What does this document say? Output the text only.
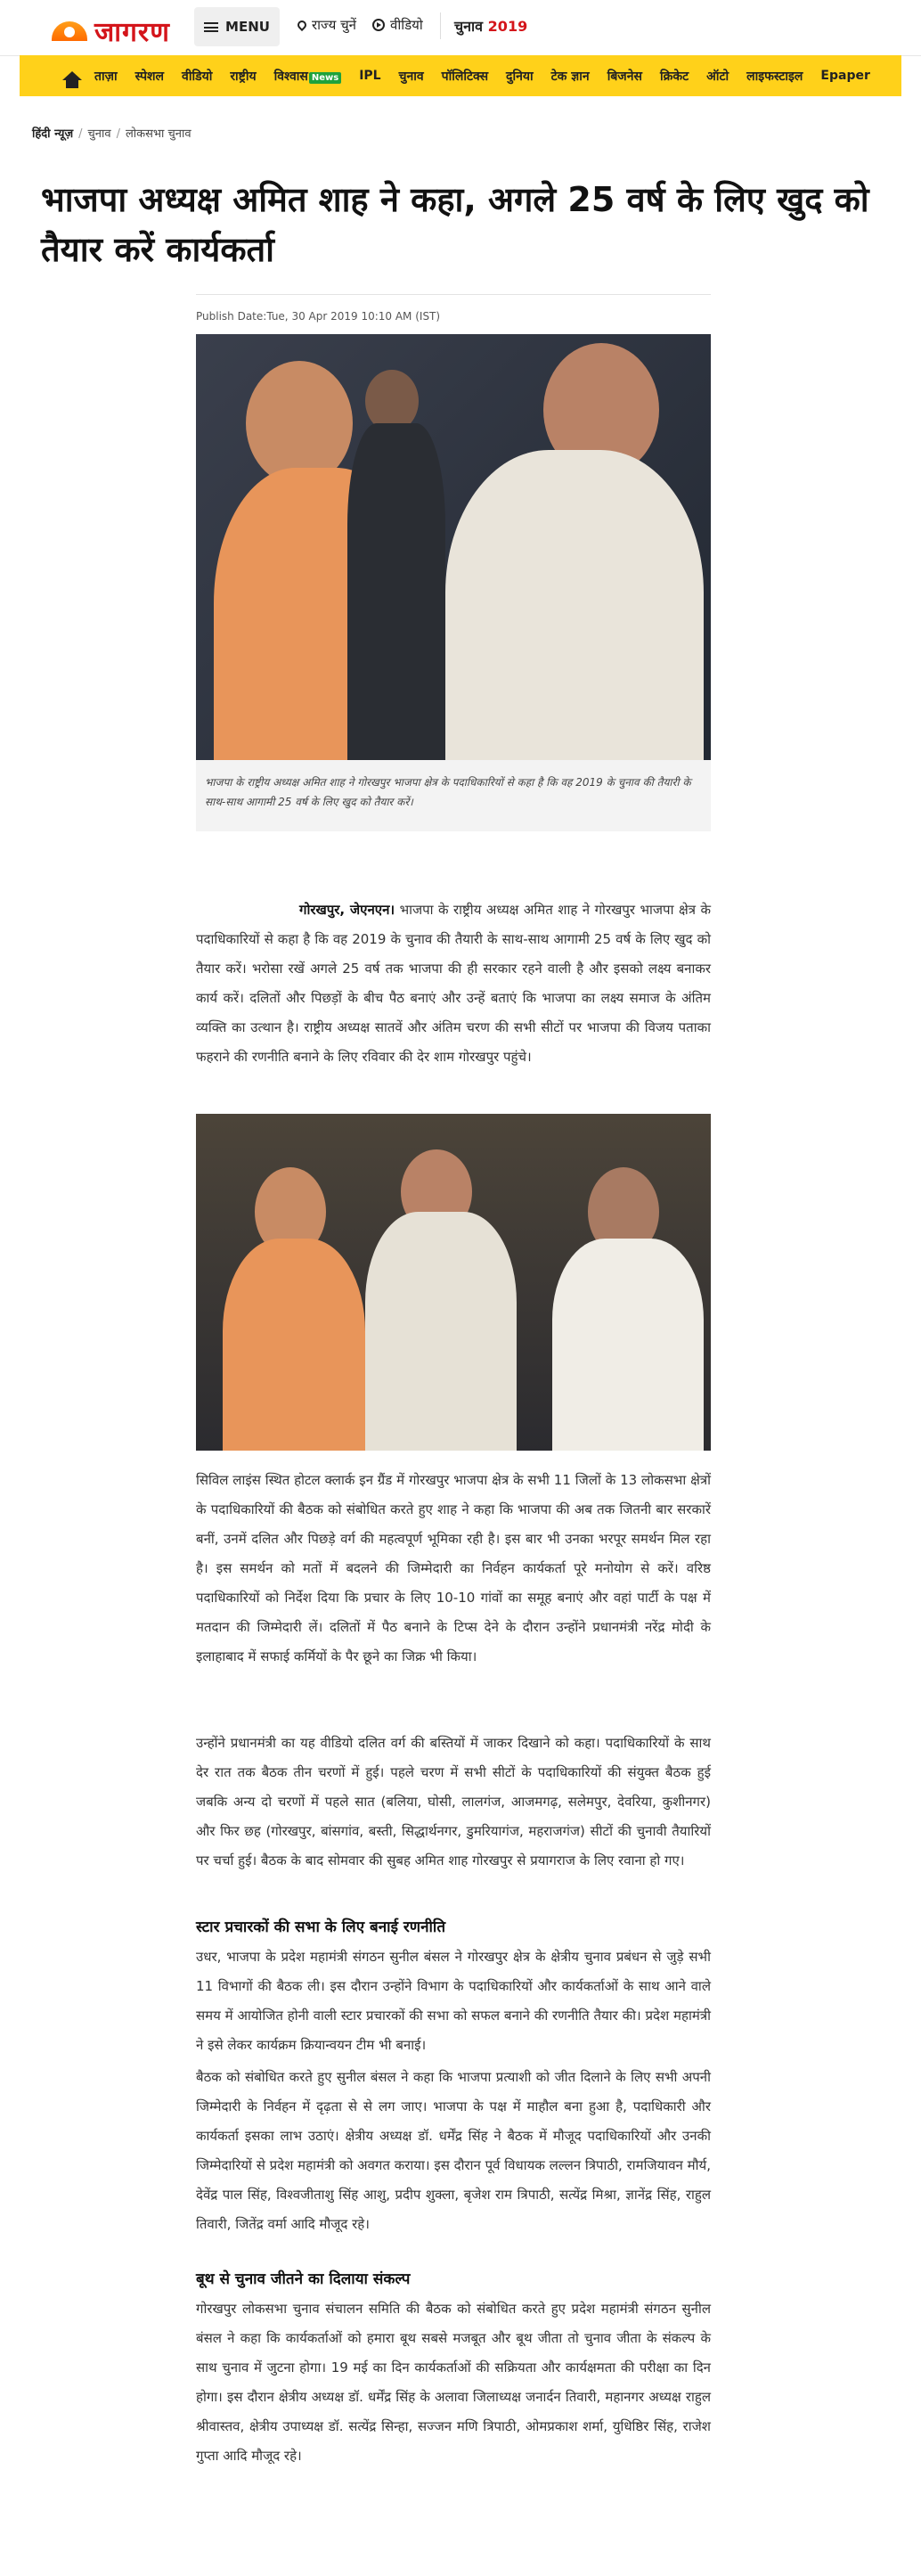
जागरण	MENU	राज्य चुनें	वीडियो चुनाव 2019
ताज़ा	स्पेशल	वीडियो	राष्ट्रीय	विश्वास News	IPL	चुनाव	पॉलिटिक्स	दुनिया	टेक ज्ञान	बिजनेस	क्रिकेट	ऑटो	लाइफस्टाइल	Epaper
हिंदी न्यूज़ / चुनाव / लोकसभा चुनाव
भाजपा अध्यक्ष अमित शाह ने कहा, अगले 25 वर्ष के लिए खुद को तैयार करें कार्यकर्ता
Publish Date:Tue, 30 Apr 2019 10:10 AM (IST)
भाजपा के राष्ट्रीय अध्यक्ष अमित शाह ने गोरखपुर भाजपा क्षेत्र के पदाधिकारियों से कहा है कि वह 2019 के चुनाव की तैयारी के साथ-साथ आगामी 25 वर्ष के लिए खुद को तैयार करें।

गोरखपुर, जेएनएन। भाजपा के राष्ट्रीय अध्यक्ष अमित शाह ने गोरखपुर भाजपा क्षेत्र के पदाधिकारियों से कहा है कि वह 2019 के चुनाव की तैयारी के साथ-साथ आगामी 25 वर्ष के लिए खुद को तैयार करें। भरोसा रखें अगले 25 वर्ष तक भाजपा की ही सरकार रहने वाली है और इसको लक्ष्य बनाकर कार्य करें। दलितों और पिछड़ों के बीच पैठ बनाएं और उन्हें बताएं कि भाजपा का लक्ष्य समाज के अंतिम व्यक्ति का उत्थान है। राष्ट्रीय अध्यक्ष सातवें और अंतिम चरण की सभी सीटों पर भाजपा की विजय पताका फहराने की रणनीति बनाने के लिए रविवार की देर शाम गोरखपुर पहुंचे।

सिविल लाइंस स्थित होटल क्लार्क इन ग्रैंड में गोरखपुर भाजपा क्षेत्र के सभी 11 जिलों के 13 लोकसभा क्षेत्रों के पदाधिकारियों की बैठक को संबोधित करते हुए शाह ने कहा कि भाजपा की अब तक जितनी बार सरकारें बनीं, उनमें दलित और पिछड़े वर्ग की महत्वपूर्ण भूमिका रही है। इस बार भी उनका भरपूर समर्थन मिल रहा है। इस समर्थन को मतों में बदलने की जिम्मेदारी का निर्वहन कार्यकर्ता पूरे मनोयोग से करें। वरिष्ठ पदाधिकारियों को निर्देश दिया कि प्रचार के लिए 10-10 गांवों का समूह बनाएं और वहां पार्टी के पक्ष में मतदान की जिम्मेदारी लें। दलितों में पैठ बनाने के टिप्स देने के दौरान उन्होंने प्रधानमंत्री नरेंद्र मोदी के इलाहाबाद में सफाई कर्मियों के पैर छूने का जिक्र भी किया।

उन्होंने प्रधानमंत्री का यह वीडियो दलित वर्ग की बस्तियों में जाकर दिखाने को कहा। पदाधिकारियों के साथ देर रात तक बैठक तीन चरणों में हुई। पहले चरण में सभी सीटों के पदाधिकारियों की संयुक्त बैठक हुई जबकि अन्य दो चरणों में पहले सात (बलिया, घोसी, लालगंज, आजमगढ़, सलेमपुर, देवरिया, कुशीनगर) और फिर छह (गोरखपुर, बांसगांव, बस्ती, सिद्धार्थनगर, डुमरियागंज, महराजगंज) सीटों की चुनावी तैयारियों पर चर्चा हुई। बैठक के बाद सोमवार की सुबह अमित शाह गोरखपुर से प्रयागराज के लिए रवाना हो गए।

स्टार प्रचारकों की सभा के लिए बनाई रणनीति

उधर, भाजपा के प्रदेश महामंत्री संगठन सुनील बंसल ने गोरखपुर क्षेत्र के क्षेत्रीय चुनाव प्रबंधन से जुड़े सभी 11 विभागों की बैठक ली। इस दौरान उन्होंने विभाग के पदाधिकारियों और कार्यकर्ताओं के साथ आने वाले समय में आयोजित होनी वाली स्टार प्रचारकों की सभा को सफल बनाने की रणनीति तैयार की। प्रदेश महामंत्री ने इसे लेकर कार्यक्रम क्रियान्वयन टीम भी बनाई।

बैठक को संबोधित करते हुए सुनील बंसल ने कहा कि भाजपा प्रत्याशी को जीत दिलाने के लिए सभी अपनी जिम्मेदारी के निर्वहन में दृढ़ता से से लग जाए। भाजपा के पक्ष में माहौल बना हुआ है, पदाधिकारी और कार्यकर्ता इसका लाभ उठाएं। क्षेत्रीय अध्यक्ष डॉ. धर्मेंद्र सिंह ने बैठक में मौजूद पदाधिकारियों और उनकी जिम्मेदारियों से प्रदेश महामंत्री को अवगत कराया। इस दौरान पूर्व विधायक लल्लन त्रिपाठी, रामजियावन मौर्य, देवेंद्र पाल सिंह, विश्वजीताशु सिंह आशु, प्रदीप शुक्ला, बृजेश राम त्रिपाठी, सत्येंद्र मिश्रा, ज्ञानेंद्र सिंह, राहुल तिवारी, जितेंद्र वर्मा आदि मौजूद रहे।

बूथ से चुनाव जीतने का दिलाया संकल्प

गोरखपुर लोकसभा चुनाव संचालन समिति की बैठक को संबोधित करते हुए प्रदेश महामंत्री संगठन सुनील बंसल ने कहा कि कार्यकर्ताओं को हमारा बूथ सबसे मजबूत और बूथ जीता तो चुनाव जीता के संकल्प के साथ चुनाव में जुटना होगा। 19 मई का दिन कार्यकर्ताओं की सक्रियता और कार्यक्षमता की परीक्षा का दिन होगा। इस दौरान क्षेत्रीय अध्यक्ष डॉ. धर्मेंद्र सिंह के अलावा जिलाध्यक्ष जनार्दन तिवारी, महानगर अध्यक्ष राहुल श्रीवास्तव, क्षेत्रीय उपाध्यक्ष डॉ. सत्येंद्र सिन्हा, सज्जन मणि त्रिपाठी, ओमप्रकाश शर्मा, युधिष्ठिर सिंह, राजेश गुप्ता आदि मौजूद रहे।
